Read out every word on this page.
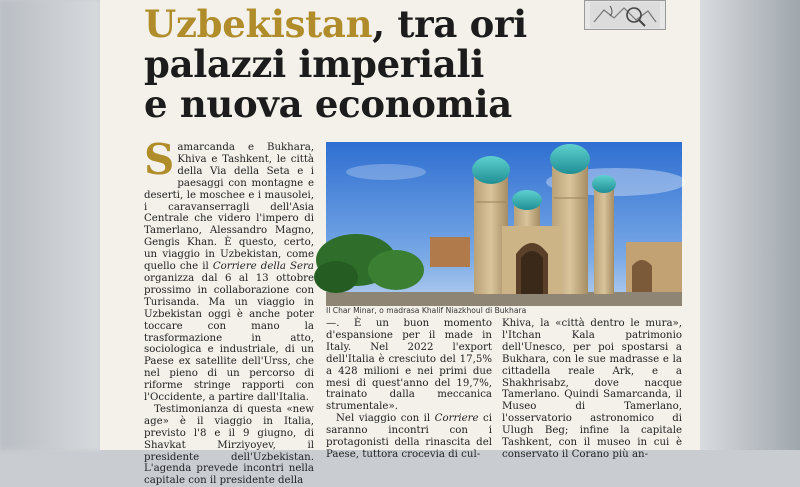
Uzbekistan, tra ori
palazzi imperiali
e nuova economia

Samarcanda e Bukhara, Khiva e Tashkent, le città della Via della Seta e i paesaggi con montagne e deserti, le moschee e i mausolei, i caravanserragli dell'Asia Centrale che videro l'impero di Tamerlano, Alessandro Magno, Gengis Khan. È questo, certo, un viaggio in Uzbekistan, come quello che il Corriere della Sera organizza dal 6 al 13 ottobre prossimo in collaborazione con Turisanda. Ma un viaggio in Uzbekistan oggi è anche poter toccare con mano la trasformazione in atto, sociologica e industriale, di un Paese ex satellite dell'Urss, che nel pieno di un percorso di riforme stringe rapporti con l'Occidente, a partire dall'Italia.

Testimonianza di questa «new age» è il viaggio in Italia, previsto l'8 e il 9 giugno, di Shavkat Mirziyoyev, il presidente dell'Uzbekistan. L'agenda prevede incontri nella capitale con il presidente della

Il Char Minar, o madrasa Khalif Niazkhoul di Bukhara

—. È un buon momento d'espansione per il made in Italy. Nel 2022 l'export dell'Italia è cresciuto del 17,5% a 428 milioni e nei primi due mesi di quest'anno del 19,7%, trainato dalla meccanica strumentale».

Nel viaggio con il Corriere ci saranno incontri con i protagonisti della rinascita del Paese, tuttora crocevia di cul-

Khiva, la «città dentro le mura», l'Itchan Kala patrimonio dell'Unesco, per poi spostarsi a Bukhara, con le sue madrasse e la cittadella reale Ark, e a Shakhrisabz, dove nacque Tamerlano. Quindi Samarcanda, il Museo di Tamerlano, l'osservatorio astronomico di Ulugh Beg; infine la capitale Tashkent, con il museo in cui è conservato il Corano più an-
